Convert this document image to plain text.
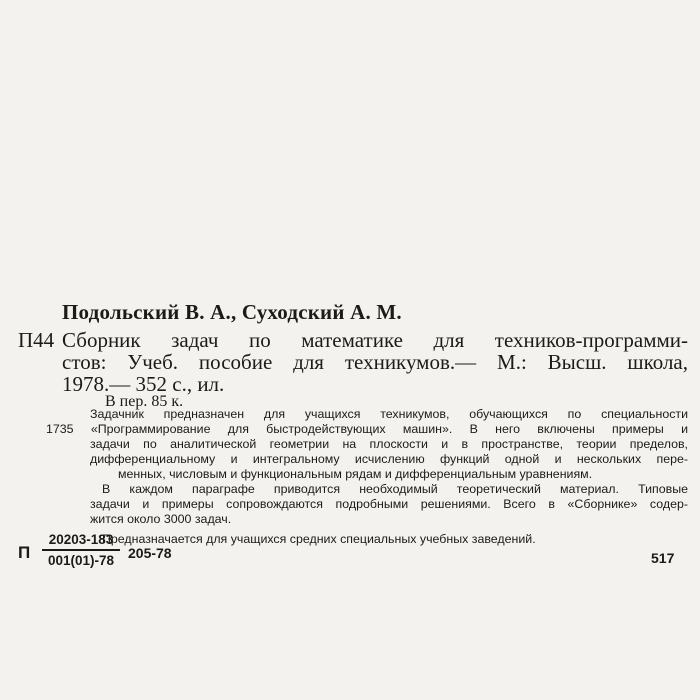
Подольский В. А., Суходский А. М.
П44 Сборник задач по математике для техников-программи-
стов: Учеб. пособие для техникумов.— М.: Высш. школа,
1978.— 352 с., ил.
В пер. 85 к.
Задачник предназначен для учащихся техникумов, обучающихся по специальности
1735 «Программирование для быстродействующих машин». В него включены примеры и
задачи по аналитической геометрии на плоскости и в пространстве, теории пределов,
дифференциальному и интегральному исчислению функций одной и нескольких пере-
менных, числовым и функциональным рядам и дифференциальным уравнениям.
В каждом параграфе приводится необходимый теоретический материал. Типовые
задачи и примеры сопровождаются подробными решениями. Всего в «Сборнике» содер-
жится около 3000 задач.
Предназначается для учащихся средних специальных учебных заведений.
П
20203-183
001(01)-78 205-78	517
